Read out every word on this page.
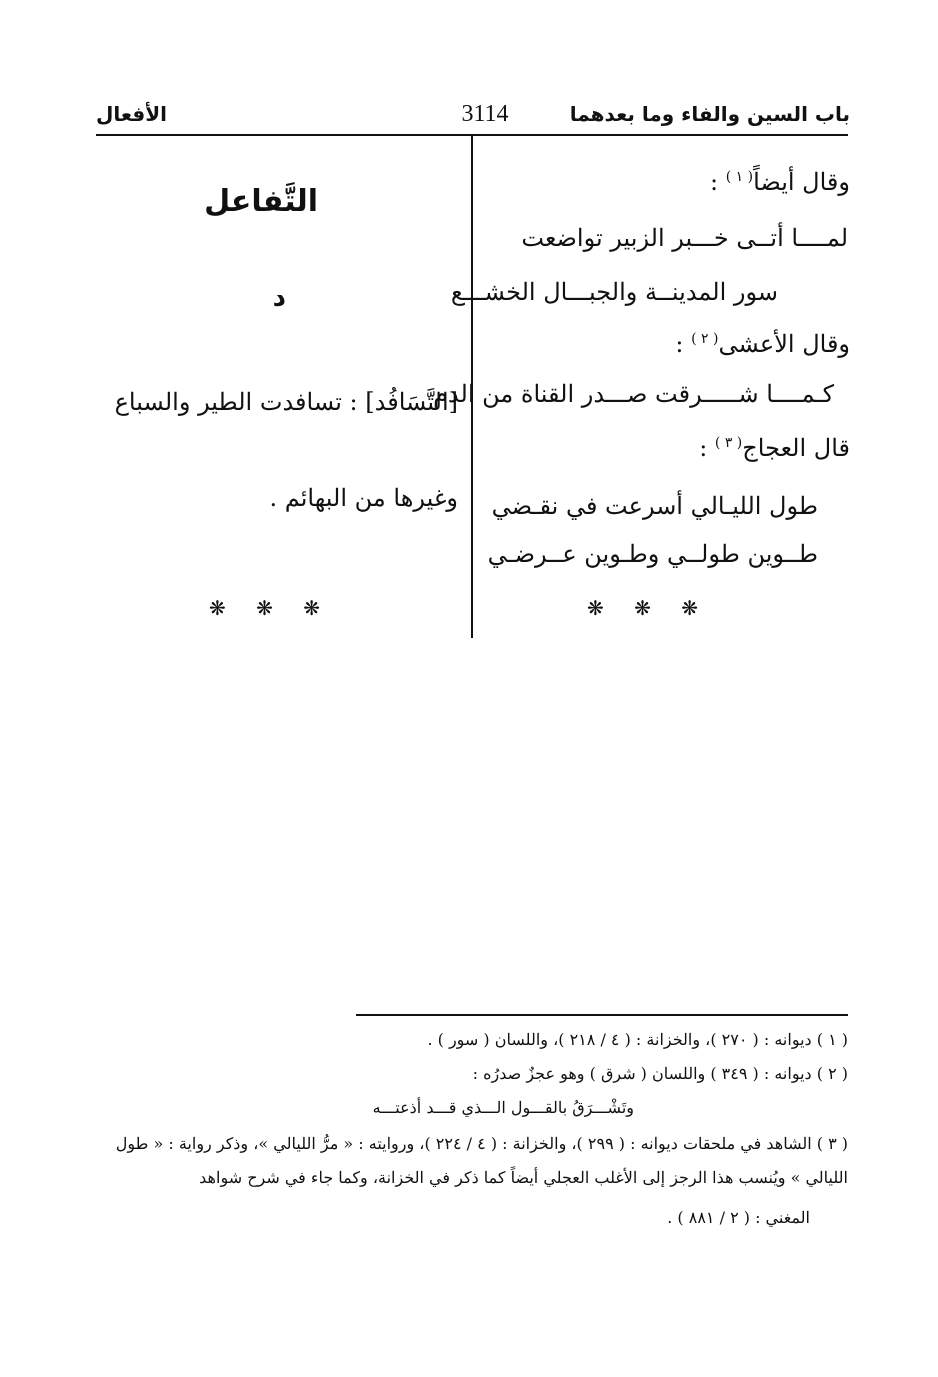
باب السين والفاء وما بعدهما
3114
الأفعال
وقال أيضاً$^{( ١ )}$ :
لمــــا أتــى خـــبر الزبير تواضعت
سور المدينــة والجبـــال الخشـــع
وقال الأعشى$^{( ٢ )}$ :
كـمــــا شـــــرقت صـــدر القناة من الدم
قال العجاج$^{( ٣ )}$ :
طول الليـالي أسرعت في نقـضي
طــوين طولــي وطـوين عــرضـي
❋ ❋ ❋
التَّفاعل
د
[التَّسَافُد] : تسافدت الطير والسباع
وغيرها من البهائم .
❋ ❋ ❋
( ١ ) ديوانه : ( ٢٧٠ )، والخزانة : ( ٤ / ٢١٨ )، واللسان ( سور ) .
( ٢ ) ديوانه : ( ٣٤٩ ) واللسان ( شرق ) وهو عجزٌ صدرُه :
وتَشْـــرَقُ بالقـــول الـــذي قـــد أذعتـــه
( ٣ ) الشاهد في ملحقات ديوانه : ( ٢٩٩ )، والخزانة : ( ٤ / ٢٢٤ )، وروايته : « مرُّ الليالي »، وذكر رواية : « طول
الليالي » ويُنسب هذا الرجز إلى الأغلب العجلي أيضاً كما ذكر في الخزانة، وكما جاء في شرح شواهد
المغني : ( ٢ / ٨٨١ ) .
